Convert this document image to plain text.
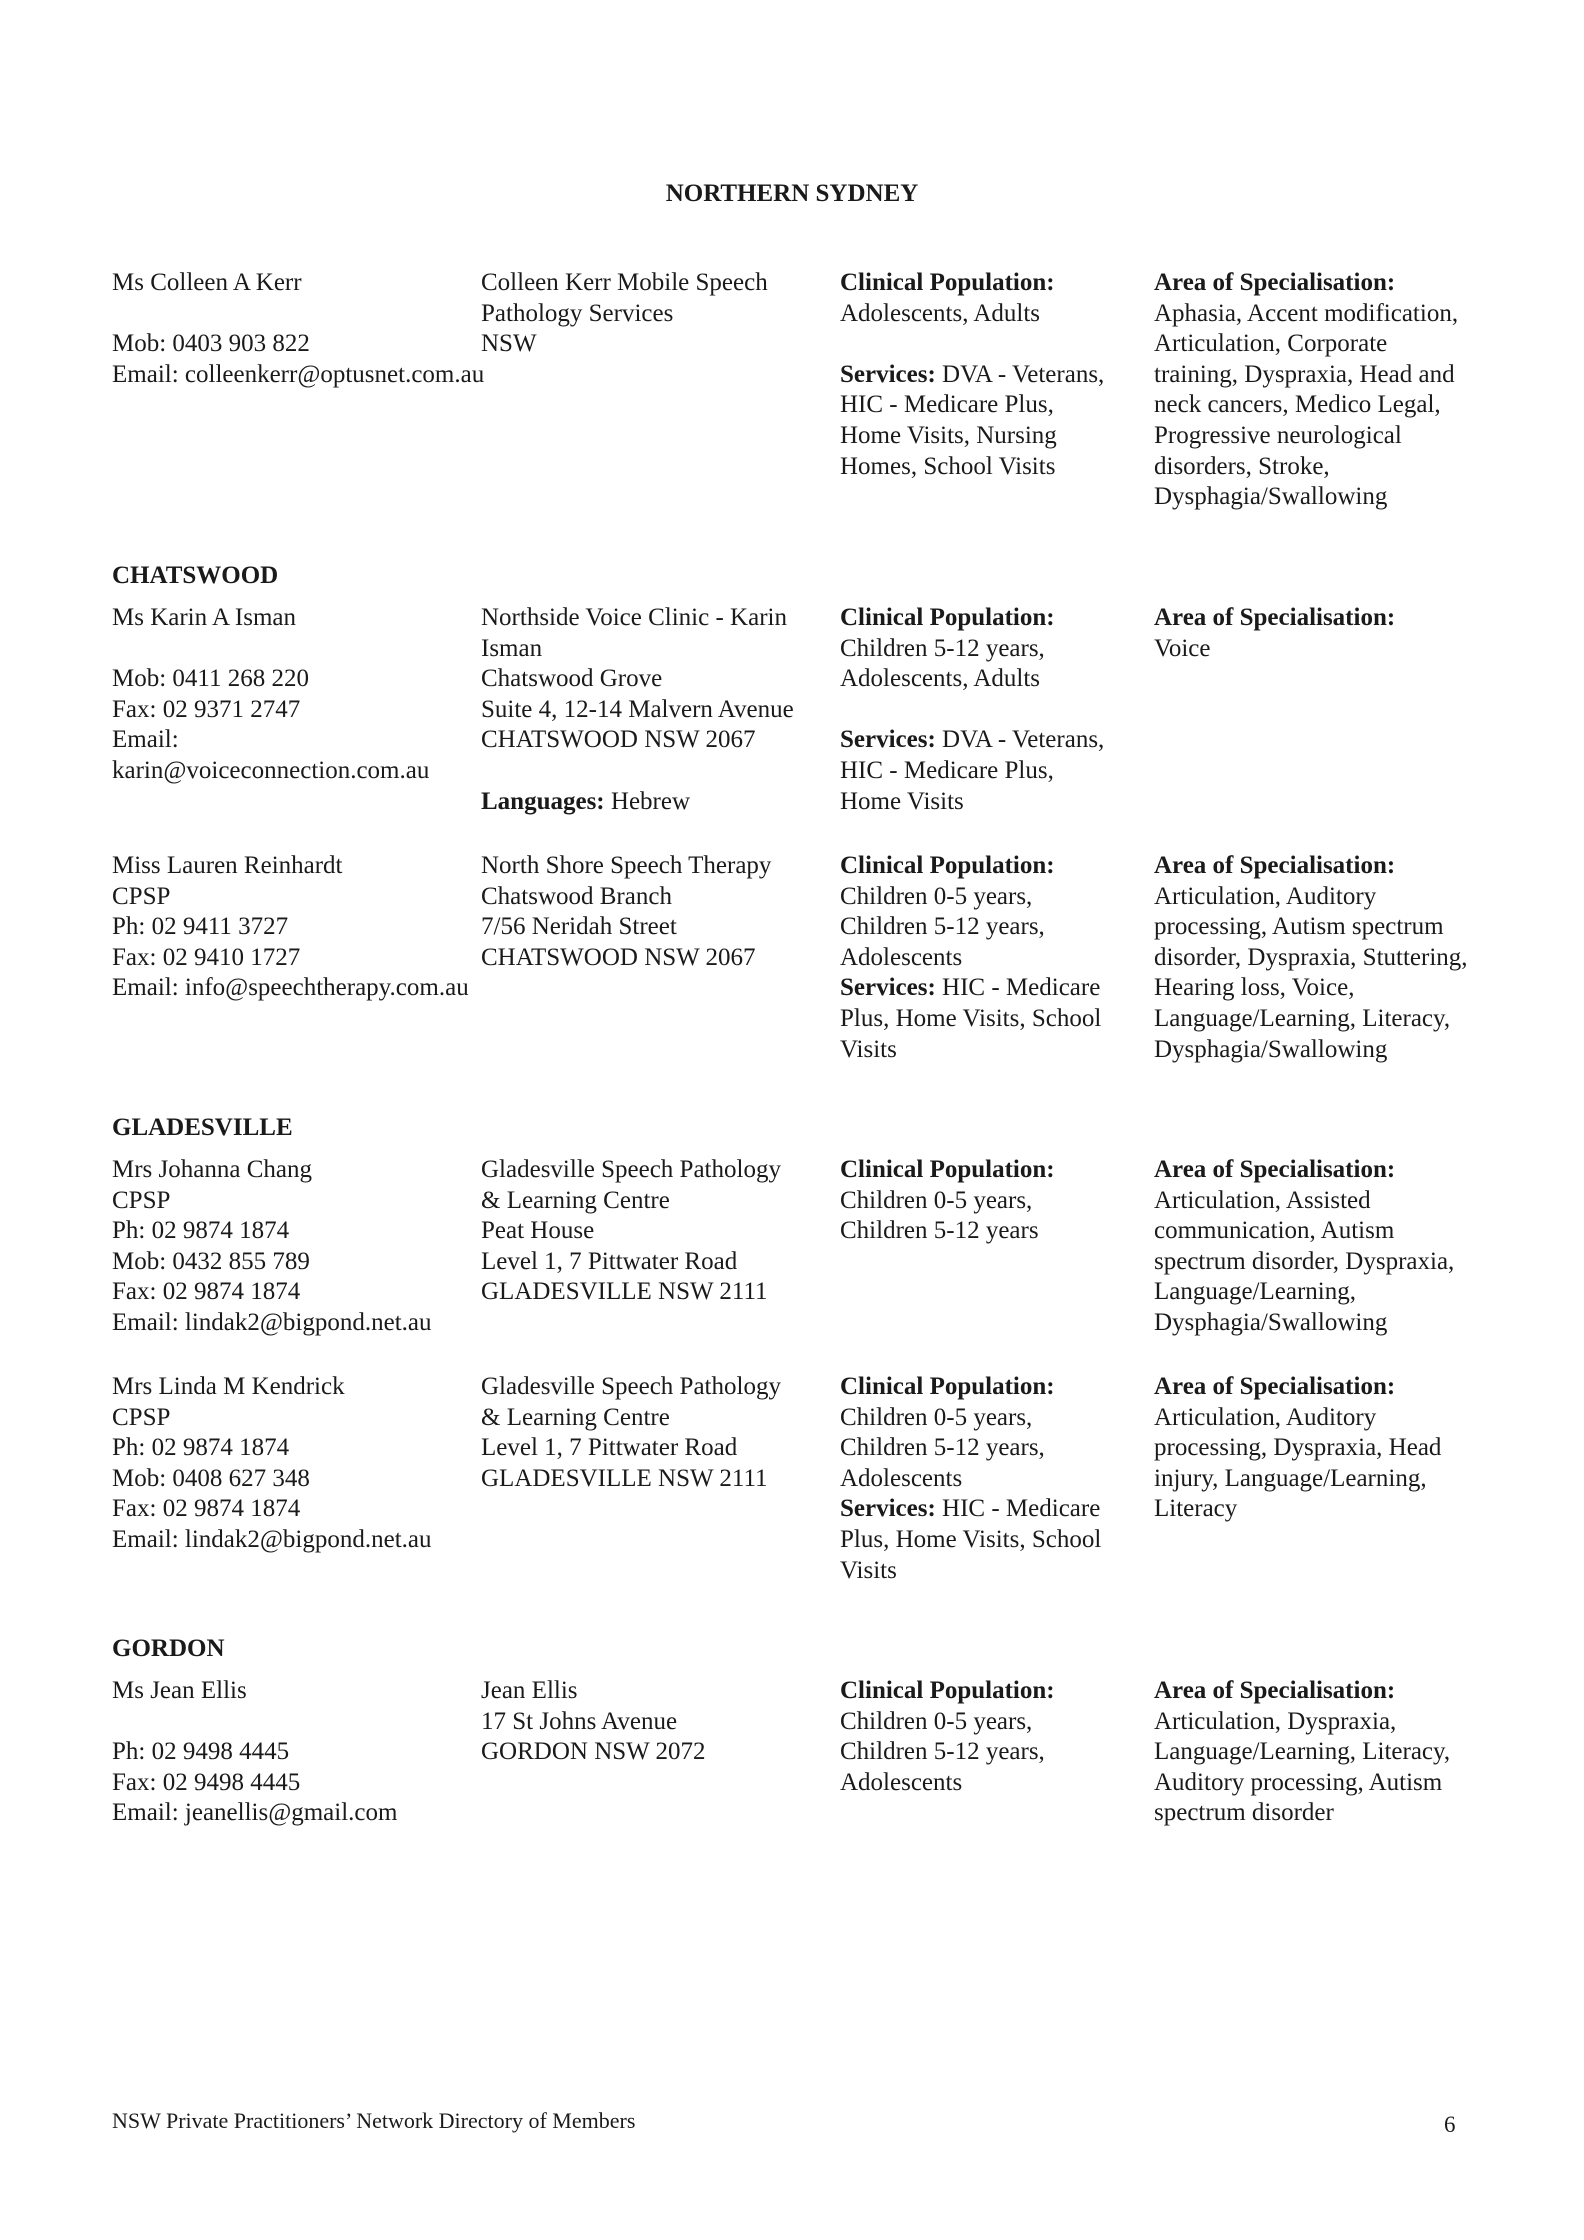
NORTHERN SYDNEY
Ms Colleen A Kerr
Mob: 0403 903 822
Email: colleenkerr@optusnet.com.au
Colleen Kerr Mobile Speech
Pathology Services
NSW
Clinical Population:
Adolescents, Adults
Services: DVA - Veterans,
HIC - Medicare Plus,
Home Visits, Nursing
Homes, School Visits
Area of Specialisation:
Aphasia, Accent modification,
Articulation, Corporate
training, Dyspraxia, Head and
neck cancers, Medico Legal,
Progressive neurological
disorders, Stroke,
Dysphagia/Swallowing
CHATSWOOD
Ms Karin A Isman
Mob: 0411 268 220
Fax: 02 9371 2747
Email:
karin@voiceconnection.com.au
Northside Voice Clinic - Karin
Isman
Chatswood Grove
Suite 4, 12-14 Malvern Avenue
CHATSWOOD NSW 2067
Languages: Hebrew
Clinical Population:
Children 5-12 years,
Adolescents, Adults
Services: DVA - Veterans,
HIC - Medicare Plus,
Home Visits
Area of Specialisation:
Voice
Miss Lauren Reinhardt
CPSP
Ph: 02 9411 3727
Fax: 02 9410 1727
Email: info@speechtherapy.com.au
North Shore Speech Therapy
Chatswood Branch
7/56 Neridah Street
CHATSWOOD NSW 2067
Clinical Population:
Children 0-5 years,
Children 5-12 years,
Adolescents
Services: HIC - Medicare
Plus, Home Visits, School
Visits
Area of Specialisation:
Articulation, Auditory
processing, Autism spectrum
disorder, Dyspraxia, Stuttering,
Hearing loss, Voice,
Language/Learning, Literacy,
Dysphagia/Swallowing
GLADESVILLE
Mrs Johanna Chang
CPSP
Ph: 02 9874 1874
Mob: 0432 855 789
Fax: 02 9874 1874
Email: lindak2@bigpond.net.au
Gladesville Speech Pathology
& Learning Centre
Peat House
Level 1, 7 Pittwater Road
GLADESVILLE NSW 2111
Clinical Population:
Children 0-5 years,
Children 5-12 years
Area of Specialisation:
Articulation, Assisted
communication, Autism
spectrum disorder, Dyspraxia,
Language/Learning,
Dysphagia/Swallowing
Mrs Linda M Kendrick
CPSP
Ph: 02 9874 1874
Mob: 0408 627 348
Fax: 02 9874 1874
Email: lindak2@bigpond.net.au
Gladesville Speech Pathology
& Learning Centre
Level 1, 7 Pittwater Road
GLADESVILLE NSW 2111
Clinical Population:
Children 0-5 years,
Children 5-12 years,
Adolescents
Services: HIC - Medicare
Plus, Home Visits, School
Visits
Area of Specialisation:
Articulation, Auditory
processing, Dyspraxia, Head
injury, Language/Learning,
Literacy
GORDON
Ms Jean Ellis
Ph: 02 9498 4445
Fax: 02 9498 4445
Email: jeanellis@gmail.com
Jean Ellis
17 St Johns Avenue
GORDON NSW 2072
Clinical Population:
Children 0-5 years,
Children 5-12 years,
Adolescents
Area of Specialisation:
Articulation, Dyspraxia,
Language/Learning, Literacy,
Auditory processing, Autism
spectrum disorder
NSW Private Practitioners’ Network Directory of Members	6
